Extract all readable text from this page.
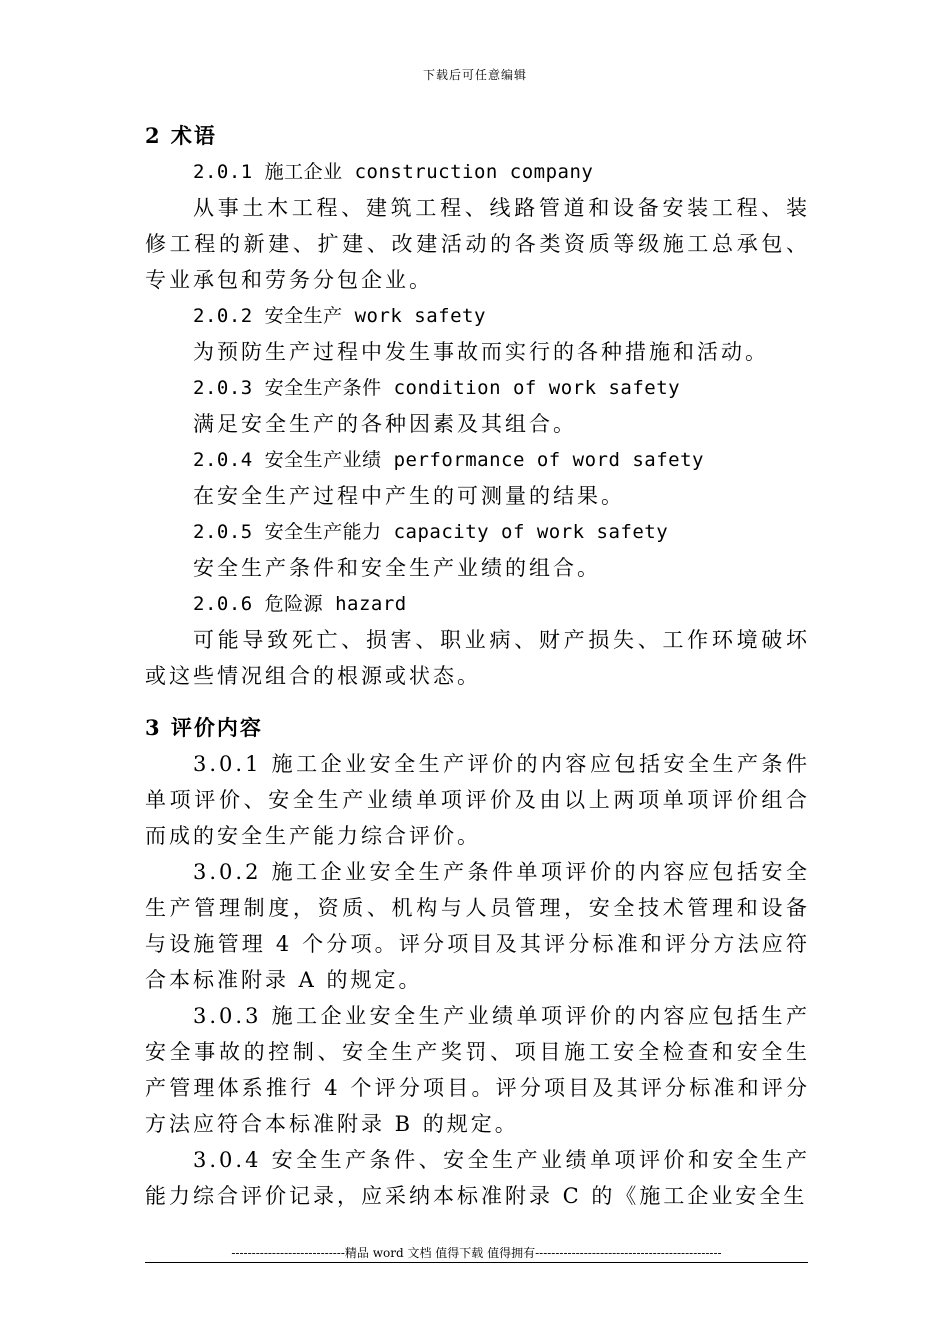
下载后可任意编辑
2 术语
2.0.1 施工企业 construction company
从事土木工程、建筑工程、线路管道和设备安装工程、装修工程的新建、扩建、改建活动的各类资质等级施工总承包、专业承包和劳务分包企业。
2.0.2 安全生产 work safety
为预防生产过程中发生事故而实行的各种措施和活动。
2.0.3 安全生产条件 condition of work safety
满足安全生产的各种因素及其组合。
2.0.4 安全生产业绩 performance of word safety
在安全生产过程中产生的可测量的结果。
2.0.5 安全生产能力 capacity of work safety
安全生产条件和安全生产业绩的组合。
2.0.6 危险源 hazard
可能导致死亡、损害、职业病、财产损失、工作环境破坏或这些情况组合的根源或状态。
3 评价内容
3.0.1 施工企业安全生产评价的内容应包括安全生产条件单项评价、安全生产业绩单项评价及由以上两项单项评价组合而成的安全生产能力综合评价。
3.0.2 施工企业安全生产条件单项评价的内容应包括安全生产管理制度，资质、机构与人员管理，安全技术管理和设备与设施管理 4 个分项。评分项目及其评分标准和评分方法应符合本标准附录 A 的规定。
3.0.3 施工企业安全生产业绩单项评价的内容应包括生产安全事故的控制、安全生产奖罚、项目施工安全检查和安全生产管理体系推行 4 个评分项目。评分项目及其评分标准和评分方法应符合本标准附录 B 的规定。
3.0.4 安全生产条件、安全生产业绩单项评价和安全生产能力综合评价记录，应采纳本标准附录 C 的《施工企业安全生
----------------------------精品 word 文档 值得下载 值得拥有----------------------------------------------
